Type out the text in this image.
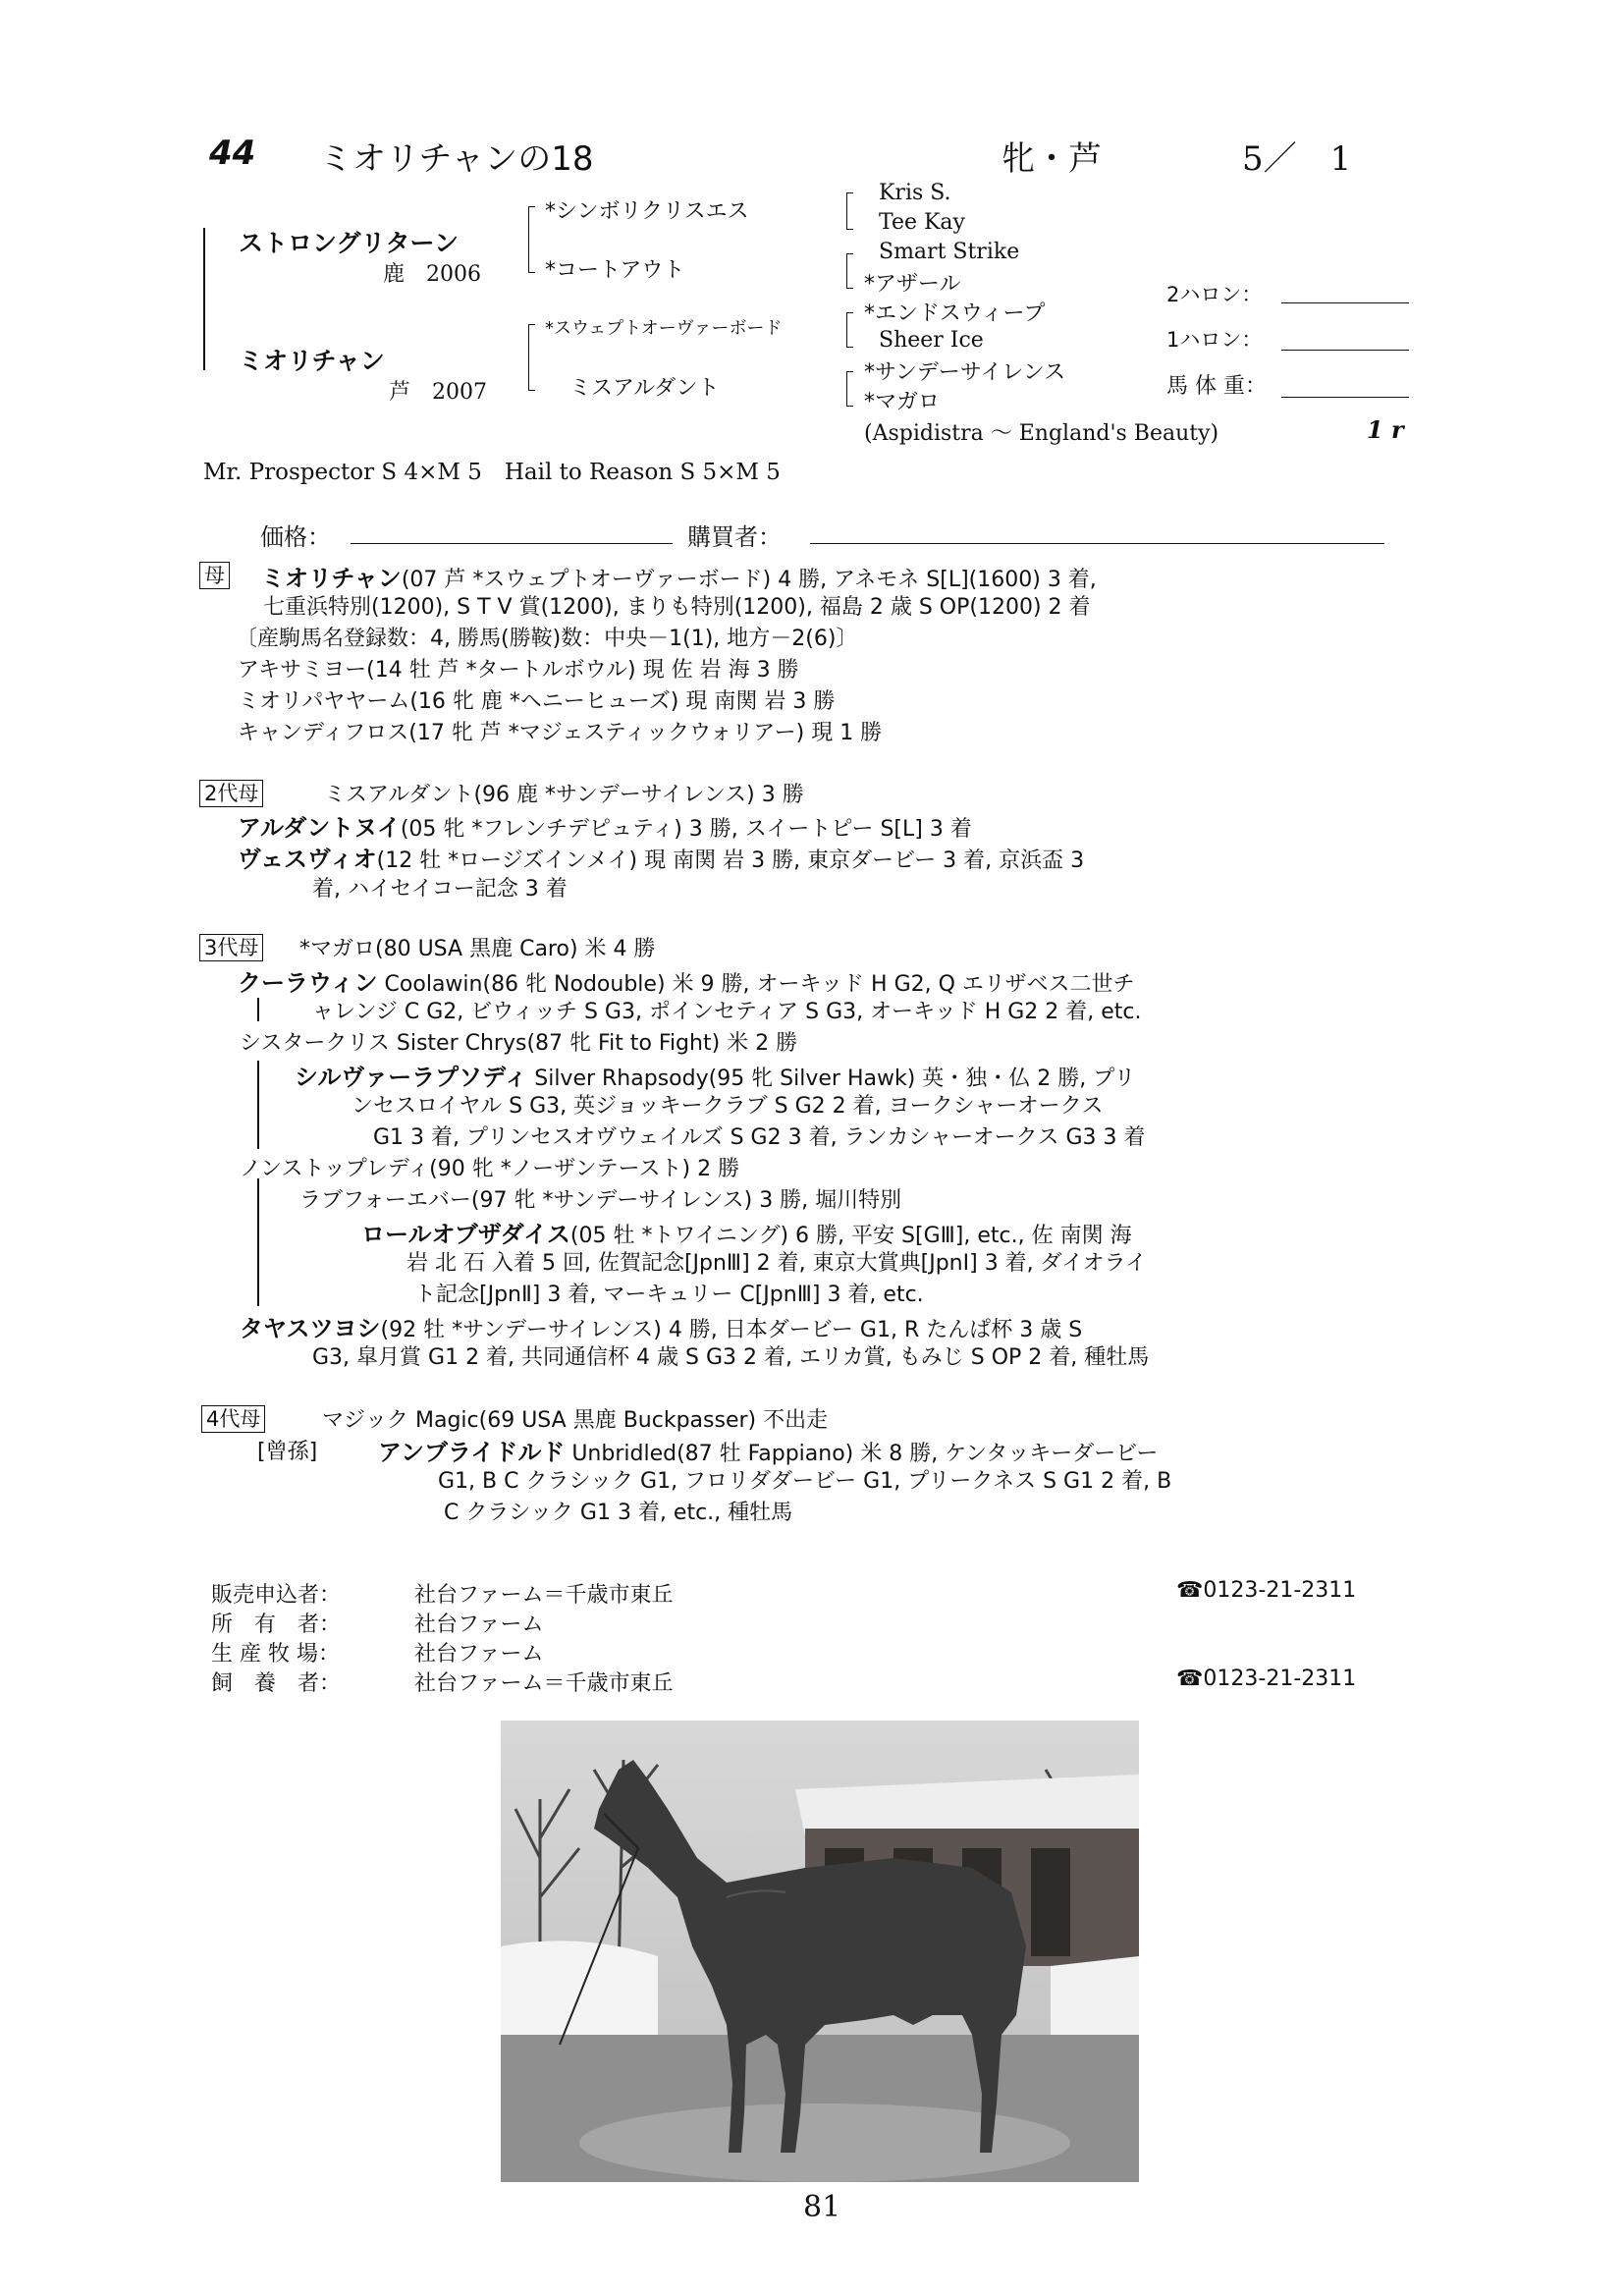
44 ミオリチャンの18	牝・芦	5／　1
ストロングリターン
鹿　2006
ミオリチャン
芦　2007
*シンボリクリスエス
*コートアウト
*スウェプトオーヴァーボード
ミスアルダント
Kris S.
Tee Kay
Smart Strike
*アザール
*エンドスウィープ
Sheer Ice
*サンデーサイレンス
*マガロ
(Aspidistra 〜 England's Beauty)	1 r
2ハロン：
1ハロン：
馬 体 重：
Mr. Prospector S 4×M 5　Hail to Reason S 5×M 5
価格：	購買者：
母 ミオリチャン(07 芦 *スウェプトオーヴァーボード) 4 勝, アネモネ S[L](1600) 3 着,
七重浜特別(1200), S T V 賞(1200), まりも特別(1200), 福島 2 歳 S OP(1200) 2 着
〔産駒馬名登録数：4, 勝馬(勝鞍)数：中央－1(1), 地方－2(6)〕
アキサミヨー(14 牡 芦 *タートルボウル) 現 佐 岩 海 3 勝
ミオリパヤヤーム(16 牝 鹿 *ヘニーヒューズ) 現 南関 岩 3 勝
キャンディフロス(17 牝 芦 *マジェスティックウォリアー) 現 1 勝
2代母	ミスアルダント(96 鹿 *サンデーサイレンス) 3 勝
アルダントヌイ(05 牝 *フレンチデピュティ) 3 勝, スイートピー S[L] 3 着
ヴェスヴィオ(12 牡 *ロージズインメイ) 現 南関 岩 3 勝, 東京ダービー 3 着, 京浜盃 3
着, ハイセイコー記念 3 着
3代母 *マガロ(80 USA 黒鹿 Caro) 米 4 勝
クーラウィン Coolawin(86 牝 Nodouble) 米 9 勝, オーキッド H G2, Q エリザベス二世チ
ャレンジ C G2, ビウィッチ S G3, ポインセティア S G3, オーキッド H G2 2 着, etc.
シスタークリス Sister Chrys(87 牝 Fit to Fight) 米 2 勝
シルヴァーラプソディ Silver Rhapsody(95 牝 Silver Hawk) 英・独・仏 2 勝, プリ
ンセスロイヤル S G3, 英ジョッキークラブ S G2 2 着, ヨークシャーオークス
G1 3 着, プリンセスオヴウェイルズ S G2 3 着, ランカシャーオークス G3 3 着
ノンストップレディ(90 牝 *ノーザンテースト) 2 勝
ラブフォーエバー(97 牝 *サンデーサイレンス) 3 勝, 堀川特別
ロールオブザダイス(05 牡 *トワイニング) 6 勝, 平安 S[GⅢ], etc., 佐 南関 海
岩 北 石 入着 5 回, 佐賀記念[JpnⅢ] 2 着, 東京大賞典[JpnⅠ] 3 着, ダイオライ
ト記念[JpnⅡ] 3 着, マーキュリー C[JpnⅢ] 3 着, etc.
タヤスツヨシ(92 牡 *サンデーサイレンス) 4 勝, 日本ダービー G1, R たんぱ杯 3 歳 S
G3, 皐月賞 G1 2 着, 共同通信杯 4 歳 S G3 2 着, エリカ賞, もみじ S OP 2 着, 種牡馬
4代母	マジック Magic(69 USA 黒鹿 Buckpasser) 不出走
[曾孫]	アンブライドルド Unbridled(87 牡 Fappiano) 米 8 勝, ケンタッキーダービー
G1, B C クラシック G1, フロリダダービー G1, プリークネス S G1 2 着, B
C クラシック G1 3 着, etc., 種牡馬
販売申込者：	社台ファーム＝千歳市東丘	☎0123-21-2311
所　有　者：	社台ファーム
生 産 牧 場：	社台ファーム
飼　養　者：	社台ファーム＝千歳市東丘	☎0123-21-2311
81
